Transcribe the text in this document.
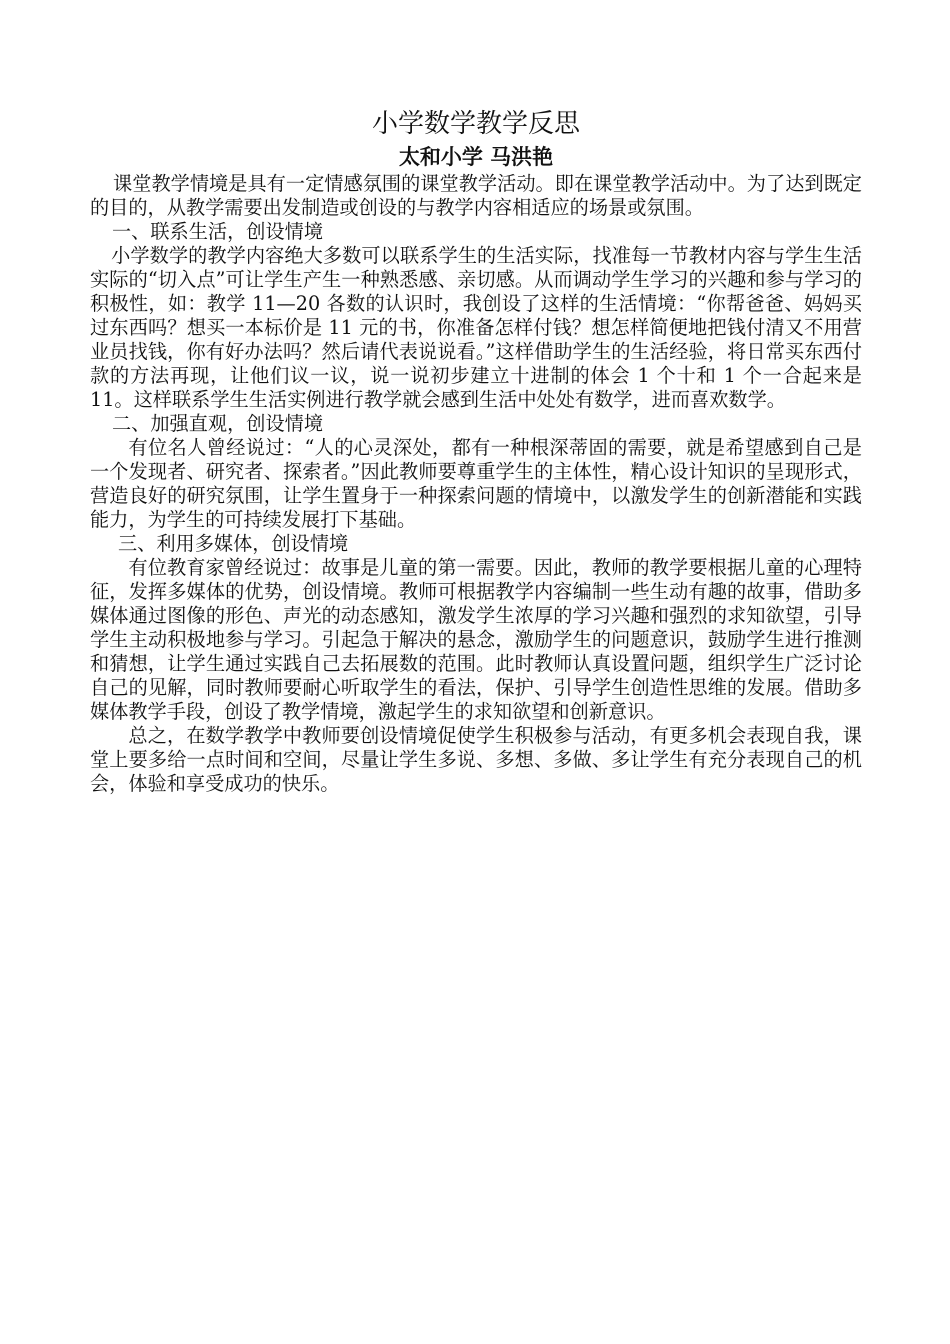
小学数学教学反思
太和小学 马洪艳

课堂教学情境是具有一定情感氛围的课堂教学活动。即在课堂教学活动中。为了达到既定的目的，从教学需要出发制造或创设的与教学内容相适应的场景或氛围。

一、联系生活，创设情境

小学数学的教学内容绝大多数可以联系学生的生活实际，找准每一节教材内容与学生生活实际的“切入点”可让学生产生一种熟悉感、亲切感。从而调动学生学习的兴趣和参与学习的积极性，如：教学 11—20 各数的认识时，我创设了这样的生活情境：“你帮爸爸、妈妈买过东西吗？想买一本标价是 11 元的书，你准备怎样付钱？想怎样简便地把钱付清又不用营业员找钱，你有好办法吗？然后请代表说说看。”这样借助学生的生活经验，将日常买东西付款的方法再现，让他们议一议，说一说初步建立十进制的体会 1 个十和 1 个一合起来是 11。这样联系学生生活实例进行教学就会感到生活中处处有数学，进而喜欢数学。

二、加强直观，创设情境

有位名人曾经说过：“人的心灵深处，都有一种根深蒂固的需要，就是希望感到自己是一个发现者、研究者、探索者。”因此教师要尊重学生的主体性，精心设计知识的呈现形式，营造良好的研究氛围，让学生置身于一种探索问题的情境中，以激发学生的创新潜能和实践能力，为学生的可持续发展打下基础。

三、利用多媒体，创设情境

有位教育家曾经说过：故事是儿童的第一需要。因此，教师的教学要根据儿童的心理特征，发挥多媒体的优势，创设情境。教师可根据教学内容编制一些生动有趣的故事，借助多媒体通过图像的形色、声光的动态感知，激发学生浓厚的学习兴趣和强烈的求知欲望，引导学生主动积极地参与学习。引起急于解决的悬念，激励学生的问题意识，鼓励学生进行推测和猜想，让学生通过实践自己去拓展数的范围。此时教师认真设置问题，组织学生广泛讨论自己的见解，同时教师要耐心听取学生的看法，保护、引导学生创造性思维的发展。借助多媒体教学手段，创设了教学情境，激起学生的求知欲望和创新意识。

总之，在数学教学中教师要创设情境促使学生积极参与活动，有更多机会表现自我，课堂上要多给一点时间和空间，尽量让学生多说、多想、多做、多让学生有充分表现自己的机会，体验和享受成功的快乐。
